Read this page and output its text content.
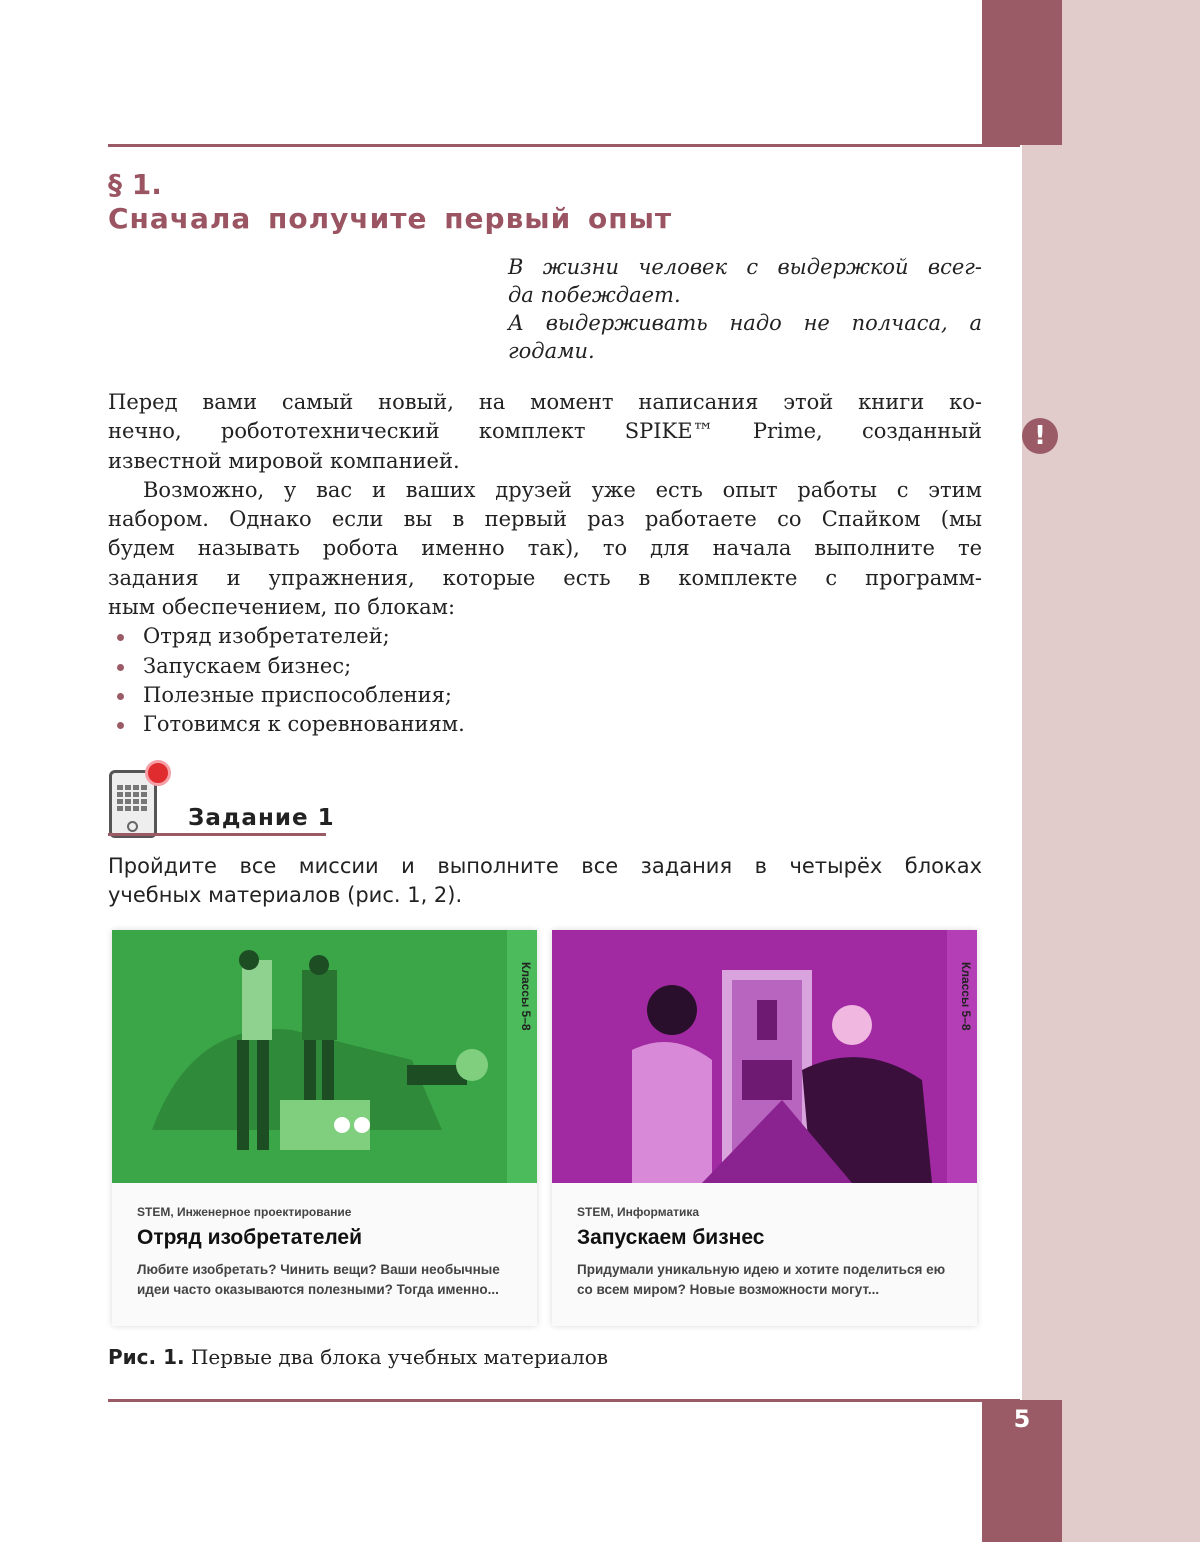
§ 1.
Сначала получите первый опыт
В жизни человек с выдержкой всег-
да побеждает.
А выдерживать надо не полчаса, а
годами.
Перед вами самый новый, на момент написания этой книги ко-
нечно, робототехнический комплект SPIKE™ Prime, созданный
известной мировой компанией.
Возможно, у вас и ваших друзей уже есть опыт работы с этим
набором. Однако если вы в первый раз работаете со Спайком (мы
будем называть робота именно так), то для начала выполните те
задания и упражнения, которые есть в комплекте с программ-
ным обеспечением, по блокам:
Отряд изобретателей;
Запускаем бизнес;
Полезные приспособления;
Готовимся к соревнованиям.
!
Задание 1
Пройдите все миссии и выполните все задания в четырёх блоках
учебных материалов (рис. 1, 2).
Классы 5–8
STEM, Инженерное проектирование
Отряд изобретателей
Любите изобретать? Чинить вещи? Ваши необычные идеи часто оказываются полезными? Тогда именно...
Классы 5–8
STEM, Информатика
Запускаем бизнес
Придумали уникальную идею и хотите поделиться ею со всем миром? Новые возможности могут...
Рис. 1. Первые два блока учебных материалов
5
